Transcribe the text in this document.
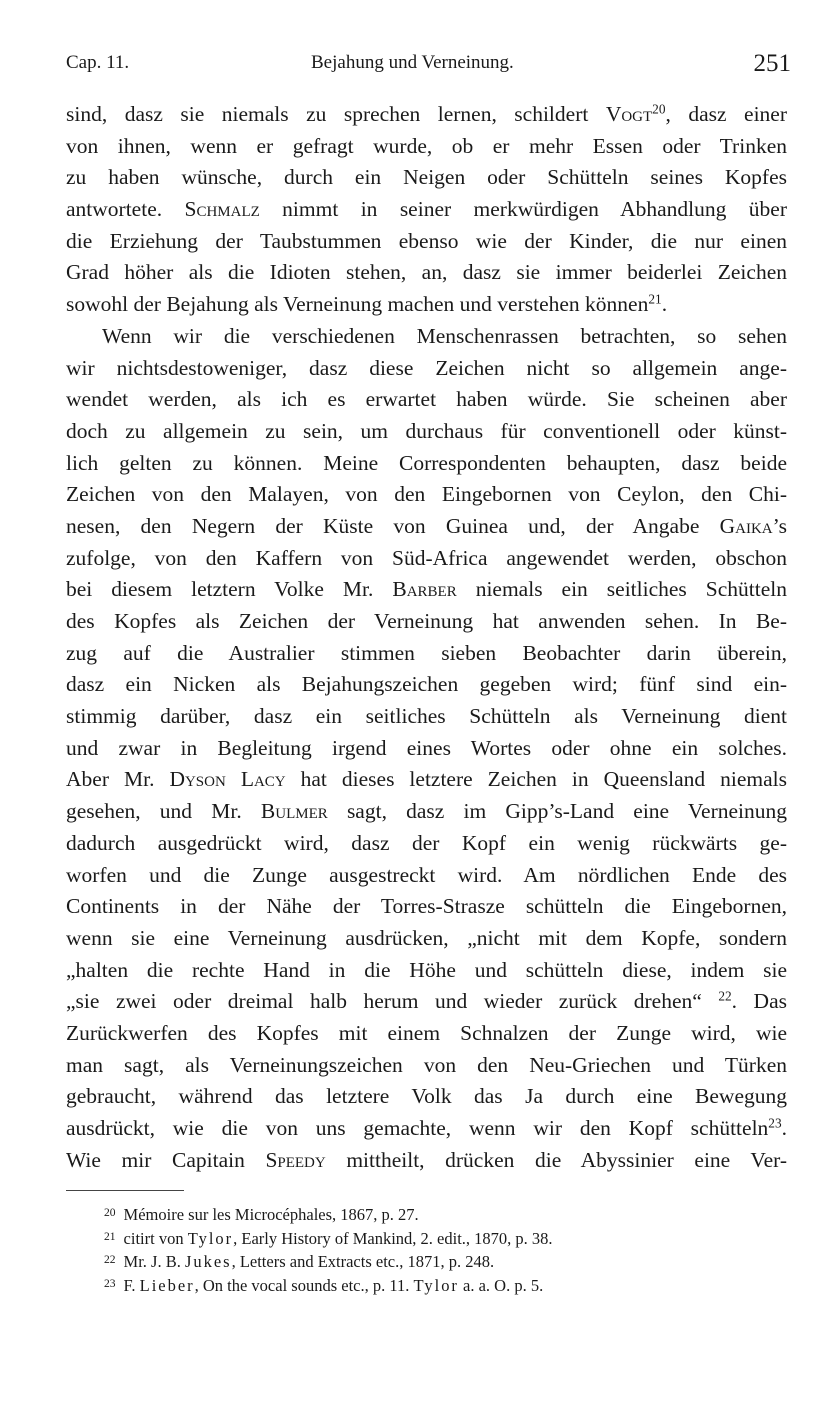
Cap. 11.	Bejahung und Verneinung.	251
sind, dasz sie niemals zu sprechen lernen, schildert Vogt$^{20}$, dasz einer
von ihnen, wenn er gefragt wurde, ob er mehr Essen oder Trinken
zu haben wünsche, durch ein Neigen oder Schütteln seines Kopfes
antwortete. Schmalz nimmt in seiner merkwürdigen Abhandlung über
die Erziehung der Taubstummen ebenso wie der Kinder, die nur einen
Grad höher als die Idioten stehen, an, dasz sie immer beiderlei Zeichen
sowohl der Bejahung als Verneinung machen und verstehen können$^{21}$.
Wenn wir die verschiedenen Menschenrassen betrachten, so sehen
wir nichtsdestoweniger, dasz diese Zeichen nicht so allgemein ange-
wendet werden, als ich es erwartet haben würde. Sie scheinen aber
doch zu allgemein zu sein, um durchaus für conventionell oder künst-
lich gelten zu können. Meine Correspondenten behaupten, dasz beide
Zeichen von den Malayen, von den Eingebornen von Ceylon, den Chi-
nesen, den Negern der Küste von Guinea und, der Angabe Gaika’s
zufolge, von den Kaffern von Süd-Africa angewendet werden, obschon
bei diesem letztern Volke Mr. Barber niemals ein seitliches Schütteln
des Kopfes als Zeichen der Verneinung hat anwenden sehen. In Be-
zug auf die Australier stimmen sieben Beobachter darin überein,
dasz ein Nicken als Bejahungszeichen gegeben wird; fünf sind ein-
stimmig darüber, dasz ein seitliches Schütteln als Verneinung dient
und zwar in Begleitung irgend eines Wortes oder ohne ein solches.
Aber Mr. Dyson Lacy hat dieses letztere Zeichen in Queensland niemals
gesehen, und Mr. Bulmer sagt, dasz im Gipp’s-Land eine Verneinung
dadurch ausgedrückt wird, dasz der Kopf ein wenig rückwärts ge-
worfen und die Zunge ausgestreckt wird. Am nördlichen Ende des
Continents in der Nähe der Torres-Strasze schütteln die Eingebornen,
wenn sie eine Verneinung ausdrücken, „nicht mit dem Kopfe, sondern
„halten die rechte Hand in die Höhe und schütteln diese, indem sie
„sie zwei oder dreimal halb herum und wieder zurück drehen“ $^{22}$. Das
Zurückwerfen des Kopfes mit einem Schnalzen der Zunge wird, wie
man sagt, als Verneinungszeichen von den Neu-Griechen und Türken
gebraucht, während das letztere Volk das Ja durch eine Bewegung
ausdrückt, wie die von uns gemachte, wenn wir den Kopf schütteln$^{23}$.
Wie mir Capitain Speedy mittheilt, drücken die Abyssinier eine Ver-
$^{20}$ Mémoire sur les Microcéphales, 1867, p. 27.
$^{21}$ citirt von Tylor, Early History of Mankind, 2. edit., 1870, p. 38.
$^{22}$ Mr. J. B. Jukes, Letters and Extracts etc., 1871, p. 248.
$^{23}$ F. Lieber, On the vocal sounds etc., p. 11. Tylor a. a. O. p. 5.
